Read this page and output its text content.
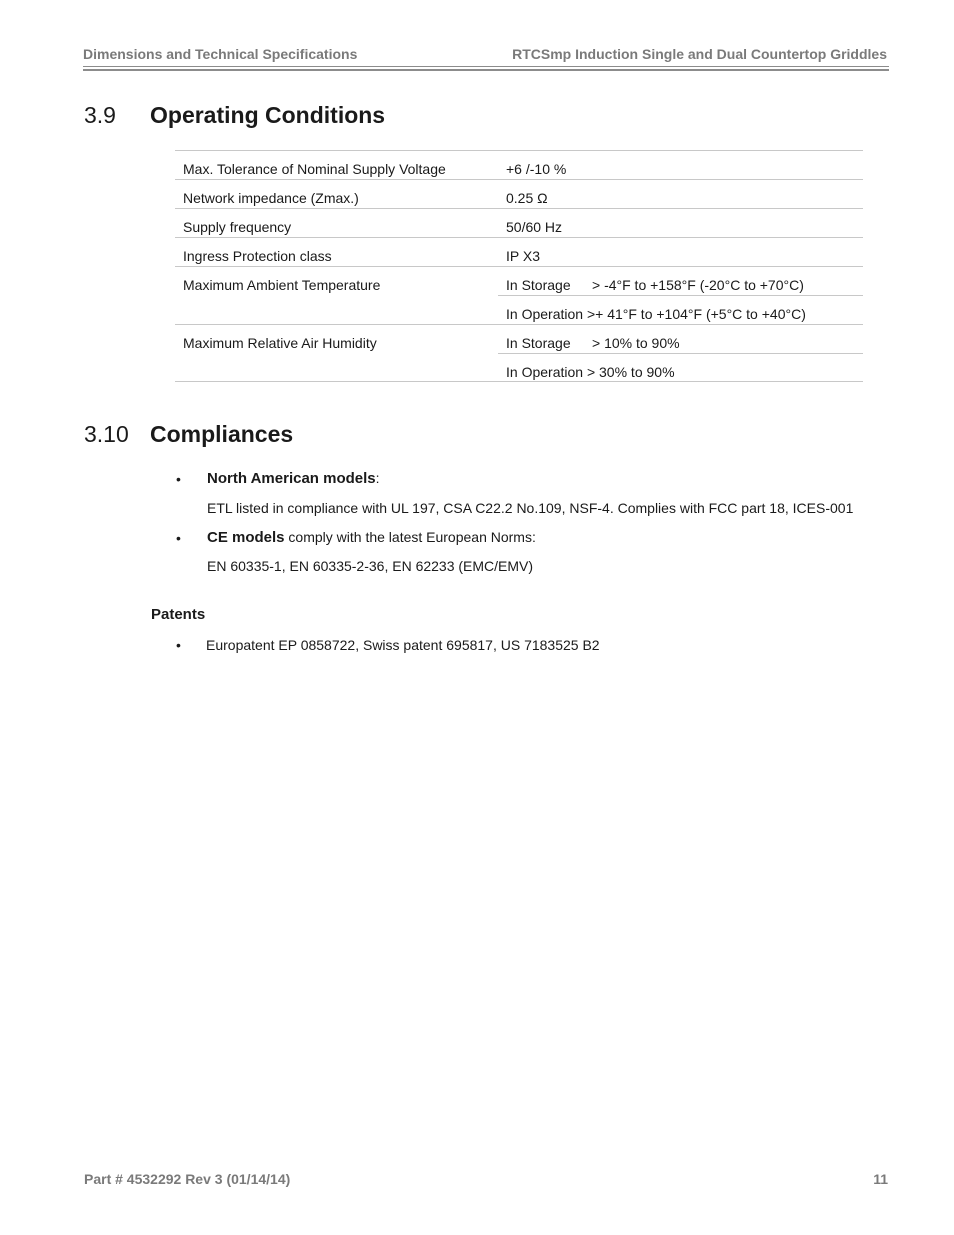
Dimensions and Technical Specifications	RTCSmp Induction Single and Dual Countertop Griddles
3.9 Operating Conditions
Max. Tolerance of Nominal Supply Voltage	+6 /-10 %
Network impedance (Zmax.)	0.25 Ω
Supply frequency	50/60 Hz
Ingress Protection class	IP X3
Maximum Ambient Temperature	In Storage > -4°F to +158°F (-20°C to +70°C)
In Operation >+ 41°F to +104°F (+5°C to +40°C)
Maximum Relative Air Humidity	In Storage > 10% to 90%
In Operation > 30% to 90%
3.10 Compliances
• North American models:
ETL listed in compliance with UL 197, CSA C22.2 No.109, NSF-4. Complies with FCC part 18, ICES-001
• CE models comply with the latest European Norms:
EN 60335-1, EN 60335-2-36, EN 62233 (EMC/EMV)
Patents
• Europatent EP 0858722, Swiss patent 695817, US 7183525 B2
Part # 4532292 Rev 3 (01/14/14)	11
